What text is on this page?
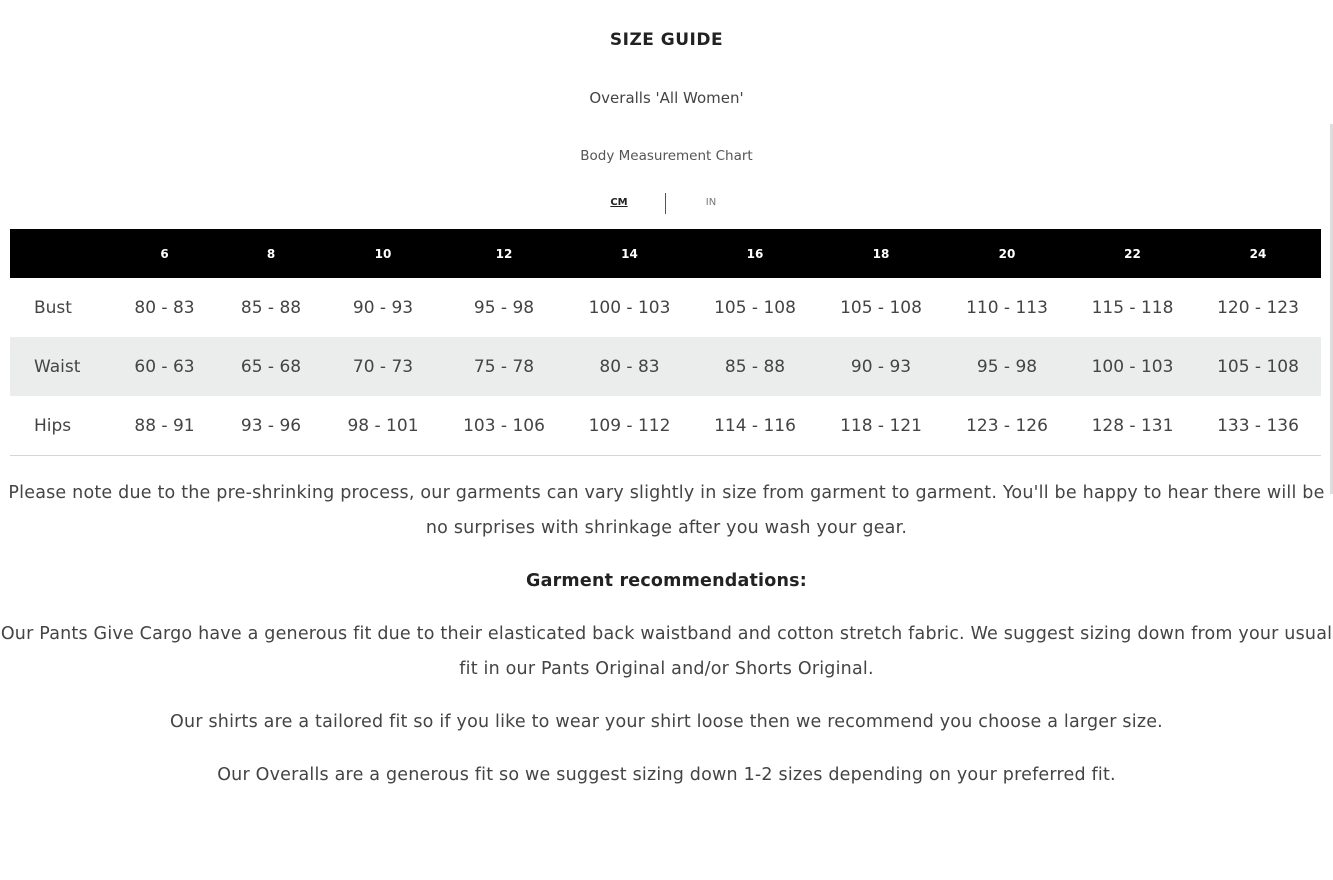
SIZE GUIDE
Overalls 'All Women'
Body Measurement Chart
CM	IN
	6	8	10	12	14	16	18	20	22	24
Bust	80 - 83	85 - 88	90 - 93	95 - 98	100 - 103	105 - 108	105 - 108	110 - 113	115 - 118	120 - 123
Waist	60 - 63	65 - 68	70 - 73	75 - 78	80 - 83	85 - 88	90 - 93	95 - 98	100 - 103	105 - 108
Hips	88 - 91	93 - 96	98 - 101	103 - 106	109 - 112	114 - 116	118 - 121	123 - 126	128 - 131	133 - 136

Please note due to the pre-shrinking process, our garments can vary slightly in size from garment to garment. You'll be happy to hear there will be no surprises with shrinkage after you wash your gear.

Garment recommendations:

Our Pants Give Cargo have a generous fit due to their elasticated back waistband and cotton stretch fabric. We suggest sizing down from your usual fit in our Pants Original and/or Shorts Original.

Our shirts are a tailored fit so if you like to wear your shirt loose then we recommend you choose a larger size.

Our Overalls are a generous fit so we suggest sizing down 1-2 sizes depending on your preferred fit.
